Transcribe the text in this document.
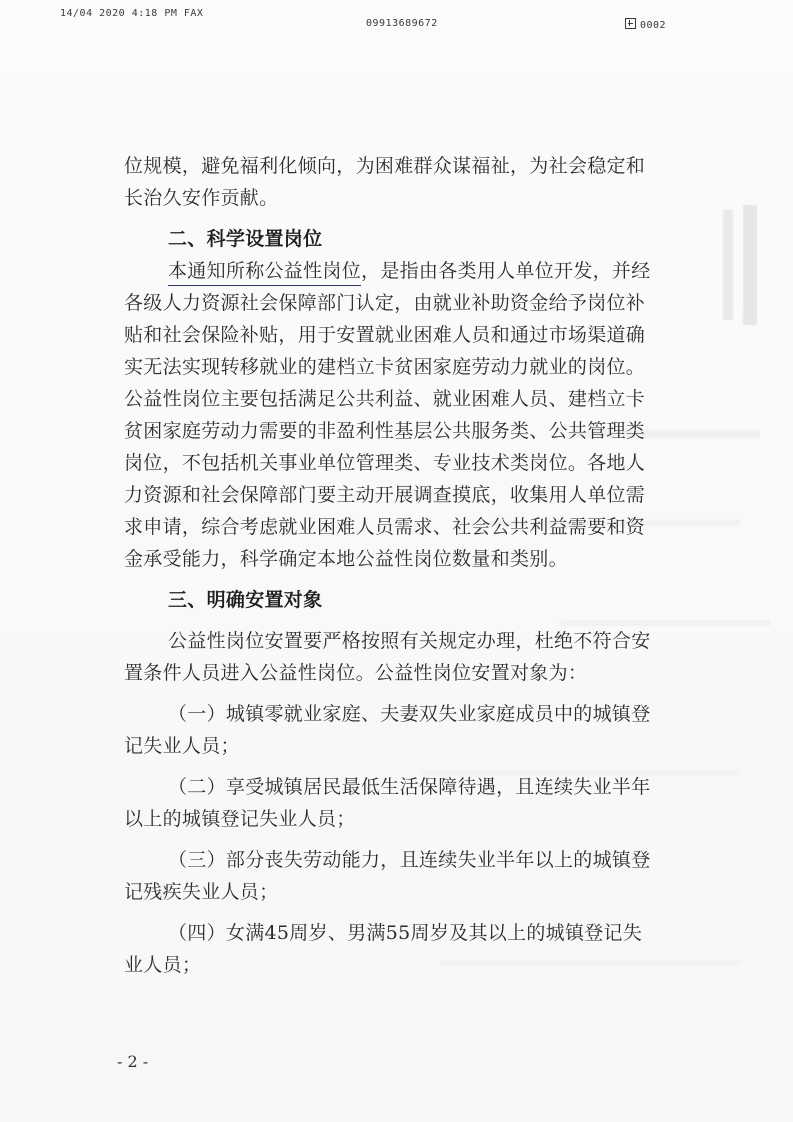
14/04 2020 4:18 PM FAX
09913689672	0002
位规模，避免福利化倾向，为困难群众谋福祉，为社会稳定和
长治久安作贡献。
二、科学设置岗位
本通知所称公益性岗位，是指由各类用人单位开发，并经
各级人力资源社会保障部门认定，由就业补助资金给予岗位补
贴和社会保险补贴，用于安置就业困难人员和通过市场渠道确
实无法实现转移就业的建档立卡贫困家庭劳动力就业的岗位。
公益性岗位主要包括满足公共利益、就业困难人员、建档立卡
贫困家庭劳动力需要的非盈利性基层公共服务类、公共管理类
岗位，不包括机关事业单位管理类、专业技术类岗位。各地人
力资源和社会保障部门要主动开展调查摸底，收集用人单位需
求申请，综合考虑就业困难人员需求、社会公共利益需要和资
金承受能力，科学确定本地公益性岗位数量和类别。
三、明确安置对象
公益性岗位安置要严格按照有关规定办理，杜绝不符合安
置条件人员进入公益性岗位。公益性岗位安置对象为：
（一）城镇零就业家庭、夫妻双失业家庭成员中的城镇登
记失业人员；
（二）享受城镇居民最低生活保障待遇，且连续失业半年
以上的城镇登记失业人员；
（三）部分丧失劳动能力，且连续失业半年以上的城镇登
记残疾失业人员；
（四）女满45周岁、男满55周岁及其以上的城镇登记失
业人员；
- 2 -
